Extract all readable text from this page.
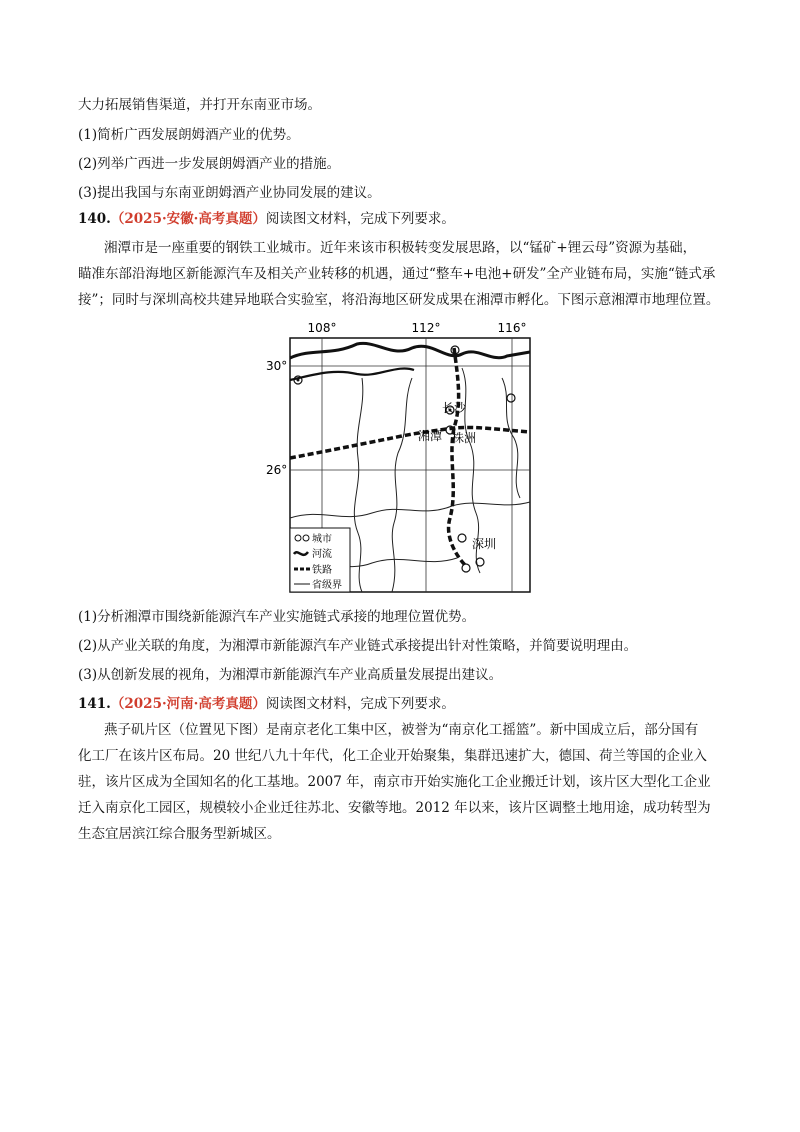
大力拓展销售渠道，并打开东南亚市场。
(1)简析广西发展朗姆酒产业的优势。
(2)列举广西进一步发展朗姆酒产业的措施。
(3)提出我国与东南亚朗姆酒产业协同发展的建议。
140.（2025·安徽·高考真题）阅读图文材料，完成下列要求。
湘潭市是一座重要的钢铁工业城市。近年来该市积极转变发展思路，以“锰矿+锂云母”资源为基础，
瞄准东部沿海地区新能源汽车及相关产业转移的机遇，通过“整车+电池+研发”全产业链布局，实施“链式承
接”；同时与深圳高校共建异地联合实验室，将沿海地区研发成果在湘潭市孵化。下图示意湘潭市地理位置。
108°	112°	116°
30°
26°
长沙
湘潭 株洲
深圳
城市
河流
铁路
省级界
(1)分析湘潭市围绕新能源汽车产业实施链式承接的地理位置优势。
(2)从产业关联的角度，为湘潭市新能源汽车产业链式承接提出针对性策略，并简要说明理由。
(3)从创新发展的视角，为湘潭市新能源汽车产业高质量发展提出建议。
141.（2025·河南·高考真题）阅读图文材料，完成下列要求。
燕子矶片区（位置见下图）是南京老化工集中区，被誉为“南京化工摇篮”。新中国成立后，部分国有
化工厂在该片区布局。20 世纪八九十年代，化工企业开始聚集，集群迅速扩大，德国、荷兰等国的企业入
驻，该片区成为全国知名的化工基地。2007 年，南京市开始实施化工企业搬迁计划，该片区大型化工企业
迁入南京化工园区，规模较小企业迁往苏北、安徽等地。2012 年以来，该片区调整土地用途，成功转型为
生态宜居滨江综合服务型新城区。
